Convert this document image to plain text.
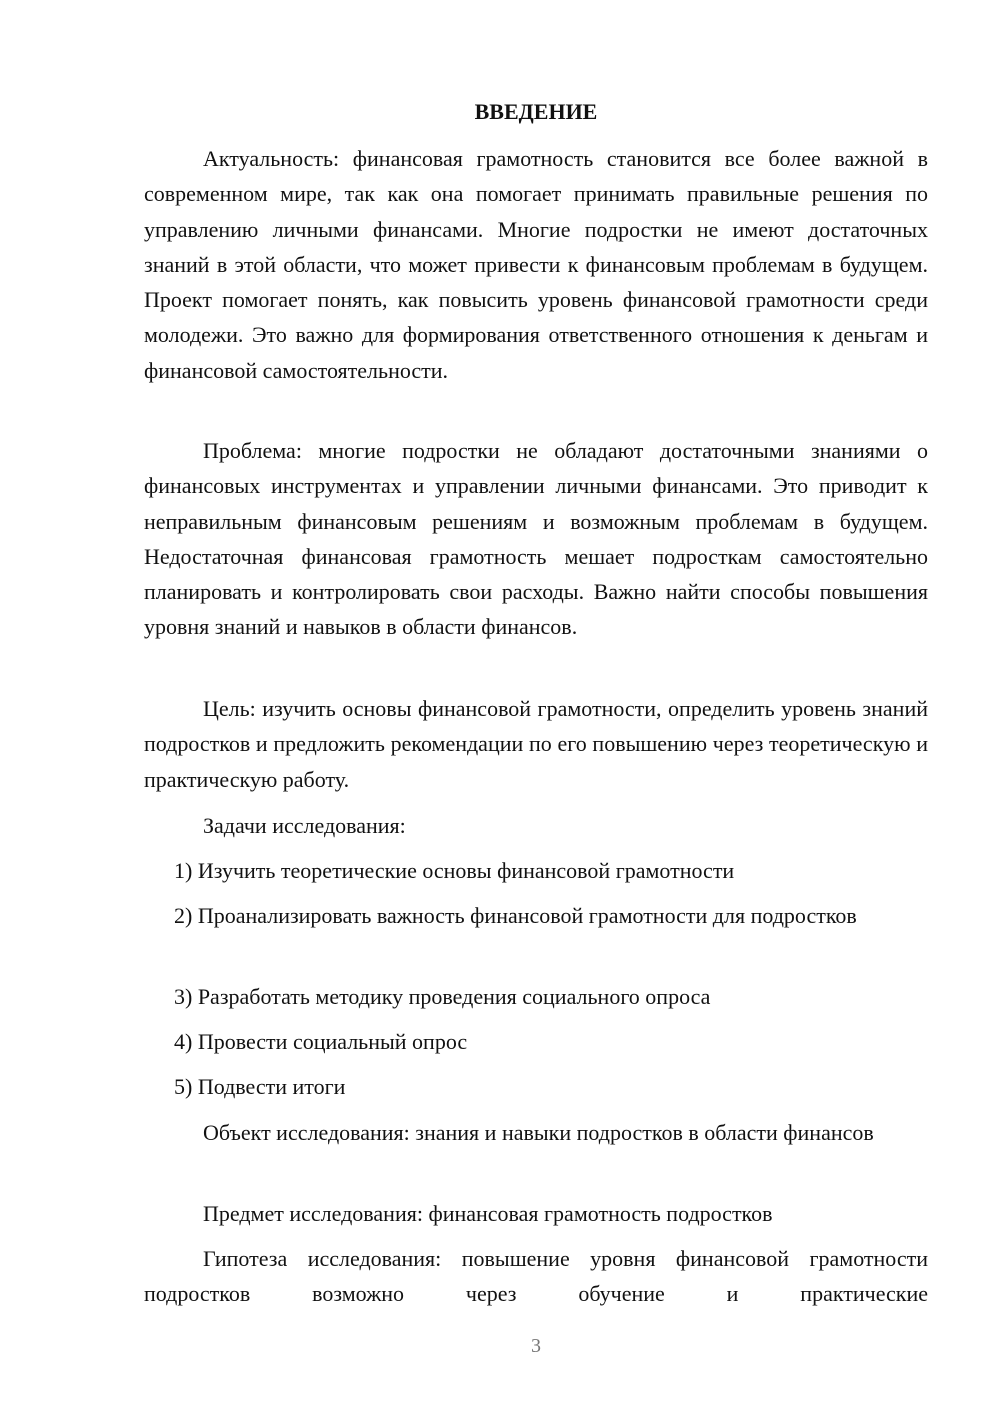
ВВЕДЕНИЕ

Актуальность: финансовая грамотность становится все более важной в современном мире, так как она помогает принимать правильные решения по управлению личными финансами. Многие подростки не имеют достаточных знаний в этой области, что может привести к финансовым проблемам в будущем. Проект помогает понять, как повысить уровень финансовой грамотности среди молодежи. Это важно для формирования ответственного отношения к деньгам и финансовой самостоятельности.

Проблема: многие подростки не обладают достаточными знаниями о финансовых инструментах и управлении личными финансами. Это приводит к неправильным финансовым решениям и возможным проблемам в будущем. Недостаточная финансовая грамотность мешает подросткам самостоятельно планировать и контролировать свои расходы. Важно найти способы повышения уровня знаний и навыков в области финансов.

Цель: изучить основы финансовой грамотности, определить уровень знаний подростков и предложить рекомендации по его повышению через теоретическую и практическую работу.

Задачи исследования:

1) Изучить теоретические основы финансовой грамотности

2) Проанализировать важность финансовой грамотности для подростков

3) Разработать методику проведения социального опроса

4) Провести социальный опрос

5) Подвести итоги

Объект исследования: знания и навыки подростков в области финансов

Предмет исследования: финансовая грамотность подростков

Гипотеза исследования: повышение уровня финансовой грамотности подростков возможно через обучение и практические

3
